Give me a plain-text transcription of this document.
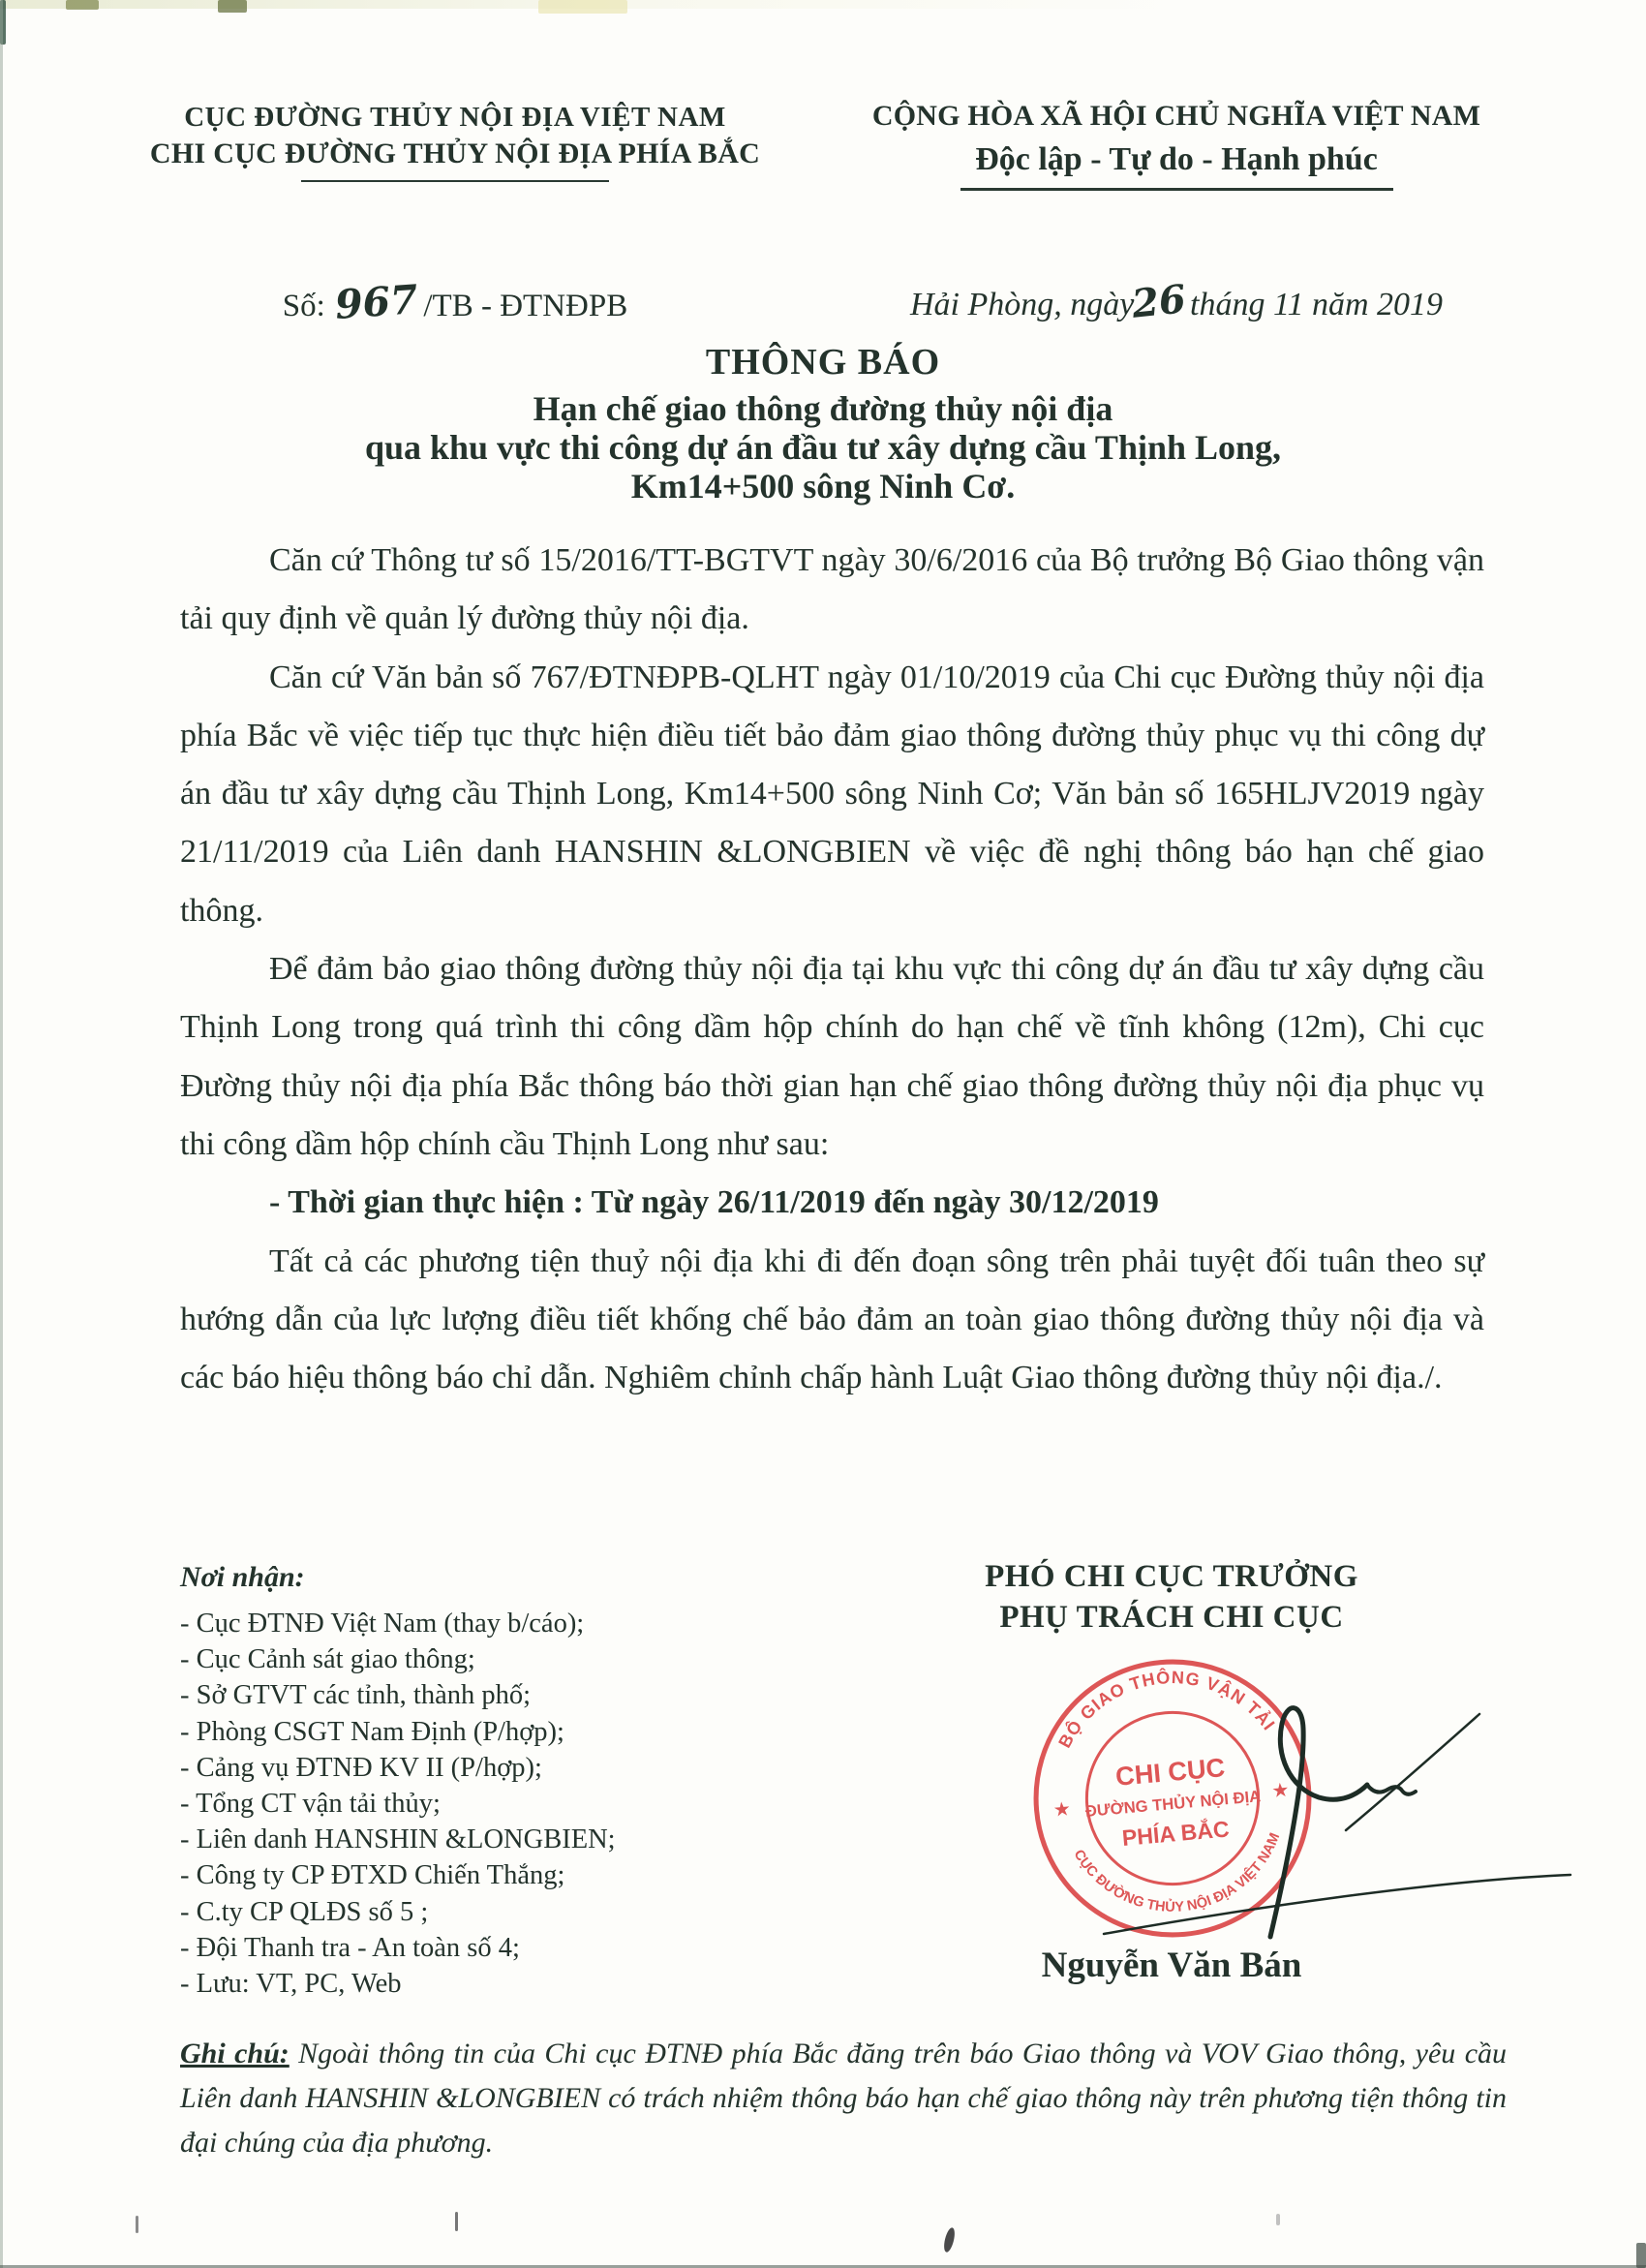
CỤC ĐƯỜNG THỦY NỘI ĐỊA VIỆT NAM
CHI CỤC ĐƯỜNG THỦY NỘI ĐỊA PHÍA BẮC
CỘNG HÒA XÃ HỘI CHỦ NGHĨA VIỆT NAM
Độc lập - Tự do - Hạnh phúc
Số: 967 /TB - ĐTNĐPB	Hải Phòng, ngày26tháng 11 năm 2019
THÔNG BÁO
Hạn chế giao thông đường thủy nội địa
qua khu vực thi công dự án đầu tư xây dựng cầu Thịnh Long,
Km14+500 sông Ninh Cơ.

Căn cứ Thông tư số 15/2016/TT-BGTVT ngày 30/6/2016 của Bộ trưởng Bộ Giao thông vận tải quy định về quản lý đường thủy nội địa.

Căn cứ Văn bản số 767/ĐTNĐPB-QLHT ngày 01/10/2019 của Chi cục Đường thủy nội địa phía Bắc về việc tiếp tục thực hiện điều tiết bảo đảm giao thông đường thủy phục vụ thi công dự án đầu tư xây dựng cầu Thịnh Long, Km14+500 sông Ninh Cơ; Văn bản số 165HLJV2019 ngày 21/11/2019 của Liên danh HANSHIN &LONGBIEN về việc đề nghị thông báo hạn chế giao thông.

Để đảm bảo giao thông đường thủy nội địa tại khu vực thi công dự án đầu tư xây dựng cầu Thịnh Long trong quá trình thi công dầm hộp chính do hạn chế về tĩnh không (12m), Chi cục Đường thủy nội địa phía Bắc thông báo thời gian hạn chế giao thông đường thủy nội địa phục vụ thi công dầm hộp chính cầu Thịnh Long như sau:

- Thời gian thực hiện : Từ ngày 26/11/2019 đến ngày 30/12/2019

Tất cả các phương tiện thuỷ nội địa khi đi đến đoạn sông trên phải tuyệt đối tuân theo sự hướng dẫn của lực lượng điều tiết khống chế bảo đảm an toàn giao thông đường thủy nội địa và các báo hiệu thông báo chỉ dẫn. Nghiêm chỉnh chấp hành Luật Giao thông đường thủy nội địa./.

Nơi nhận:
- Cục ĐTNĐ Việt Nam (thay b/cáo);
- Cục Cảnh sát giao thông;
- Sở GTVT các tỉnh, thành phố;
- Phòng CSGT Nam Định (P/hợp);
- Cảng vụ ĐTNĐ KV II (P/hợp);
- Tổng CT vận tải thủy;
- Liên danh HANSHIN &LONGBIEN;
- Công ty CP ĐTXD Chiến Thắng;
- C.ty CP QLĐS số 5 ;
- Đội Thanh tra - An toàn số 4;
- Lưu: VT, PC, Web
PHÓ CHI CỤC TRƯỞNG
PHỤ TRÁCH CHI CỤC
BỘ GIAO THÔNG VẬN TẢI
CỤC ĐƯỜNG THỦY NỘI ĐỊA VIỆT NAM
★
★
CHI CỤC
ĐƯỜNG THỦY NỘI ĐỊA
PHÍA BẮC
Nguyễn Văn Bán
Ghi chú: Ngoài thông tin của Chi cục ĐTNĐ phía Bắc đăng trên báo Giao thông và VOV Giao thông, yêu cầu Liên danh HANSHIN &LONGBIEN có trách nhiệm thông báo hạn chế giao thông này trên phương tiện thông tin đại chúng của địa phương.
